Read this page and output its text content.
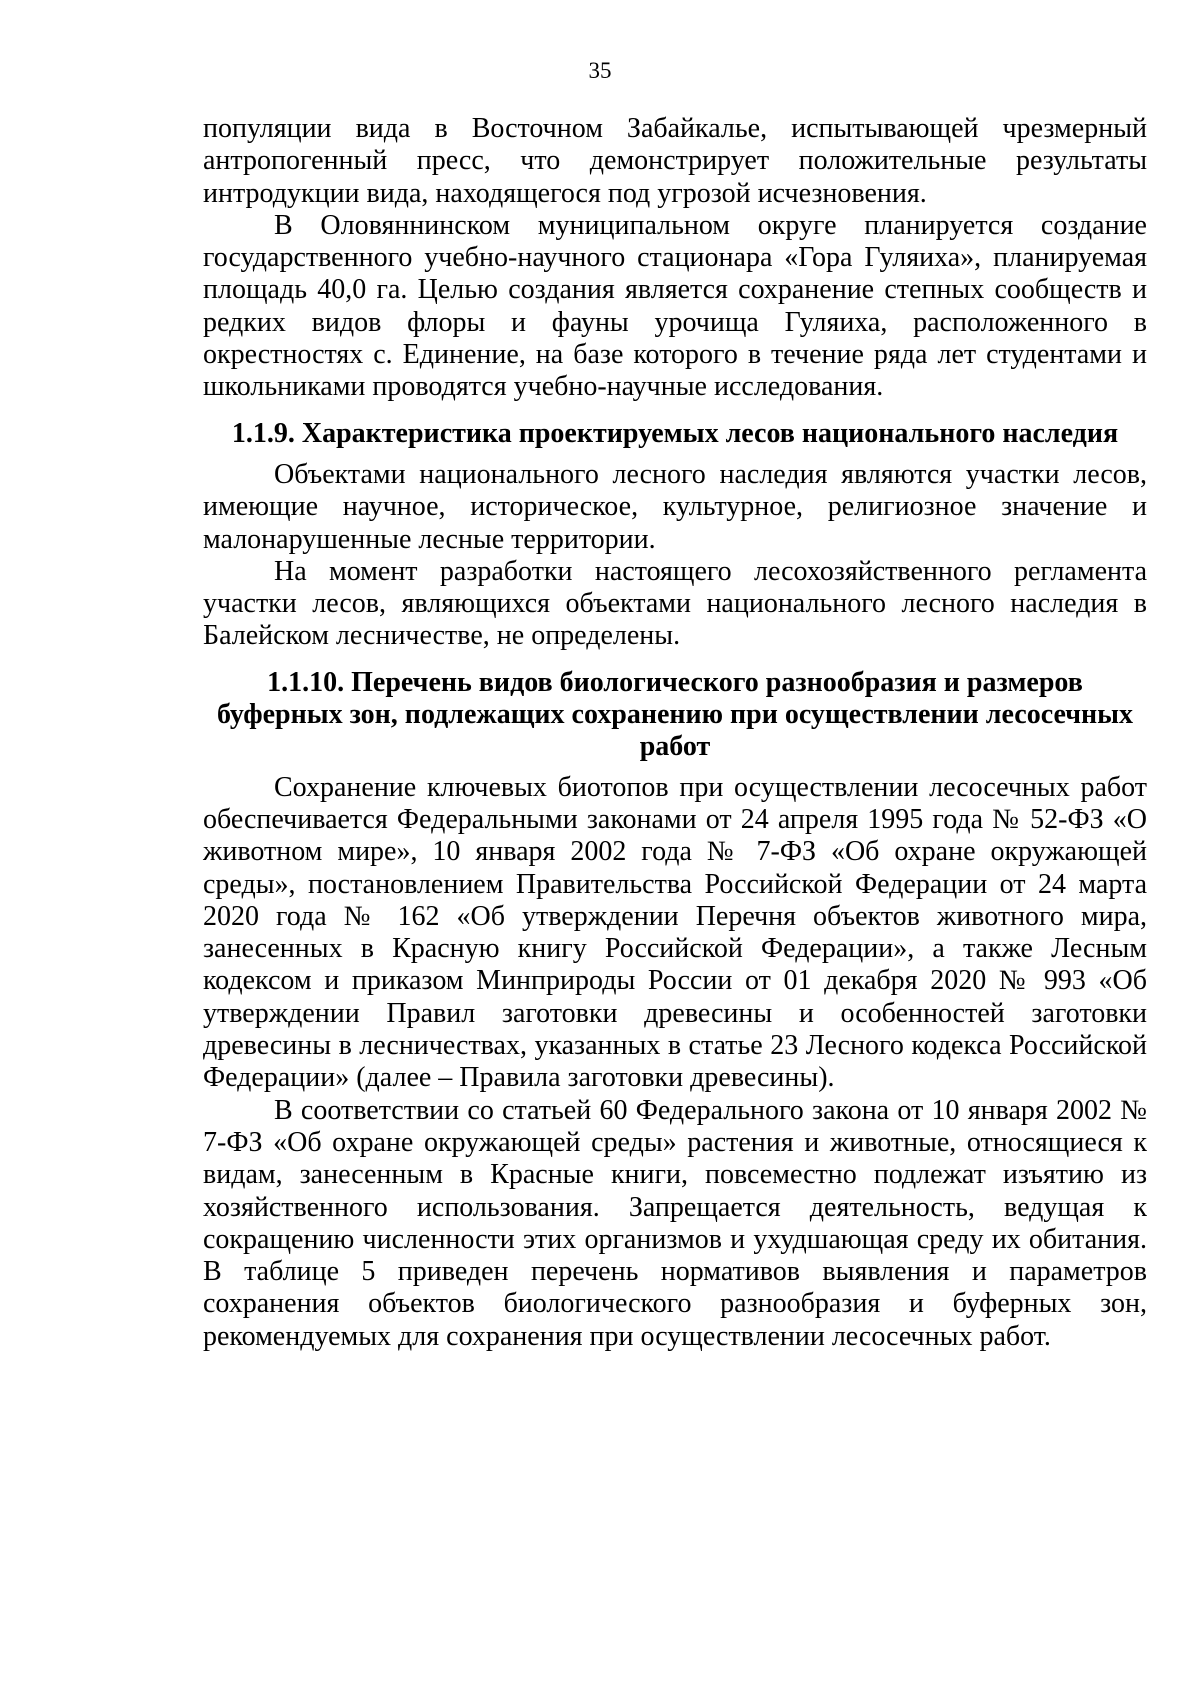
35

популяции вида в Восточном Забайкалье, испытывающей чрезмерный антропогенный пресс, что демонстрирует положительные результаты интродукции вида, находящегося под угрозой исчезновения.

В Оловяннинском муниципальном округе планируется создание государственного учебно-научного стационара «Гора Гуляиха», планируемая площадь 40,0 га. Целью создания является сохранение степных сообществ и редких видов флоры и фауны урочища Гуляиха, расположенного в окрестностях с. Единение, на базе которого в течение ряда лет студентами и школьниками проводятся учебно-научные исследования.

1.1.9. Характеристика проектируемых лесов национального наследия

Объектами национального лесного наследия являются участки лесов, имеющие научное, историческое, культурное, религиозное значение и малонарушенные лесные территории.

На момент разработки настоящего лесохозяйственного регламента участки лесов, являющихся объектами национального лесного наследия в Балейском лесничестве, не определены.

1.1.10. Перечень видов биологического разнообразия и размеров буферных зон, подлежащих сохранению при осуществлении лесосечных работ

Сохранение ключевых биотопов при осуществлении лесосечных работ обеспечивается Федеральными законами от 24 апреля 1995 года № 52-ФЗ «О животном мире», 10 января 2002 года № 7-ФЗ «Об охране окружающей среды», постановлением Правительства Российской Федерации от 24 марта 2020 года № 162 «Об утверждении Перечня объектов животного мира, занесенных в Красную книгу Российской Федерации», а также Лесным кодексом и приказом Минприроды России от 01 декабря 2020 № 993 «Об утверждении Правил заготовки древесины и особенностей заготовки древесины в лесничествах, указанных в статье 23 Лесного кодекса Российской Федерации» (далее – Правила заготовки древесины).

В соответствии со статьей 60 Федерального закона от 10 января 2002 № 7-ФЗ «Об охране окружающей среды» растения и животные, относящиеся к видам, занесенным в Красные книги, повсеместно подлежат изъятию из хозяйственного использования. Запрещается деятельность, ведущая к сокращению численности этих организмов и ухудшающая среду их обитания. В таблице 5 приведен перечень нормативов выявления и параметров сохранения объектов биологического разнообразия и буферных зон, рекомендуемых для сохранения при осуществлении лесосечных работ.
